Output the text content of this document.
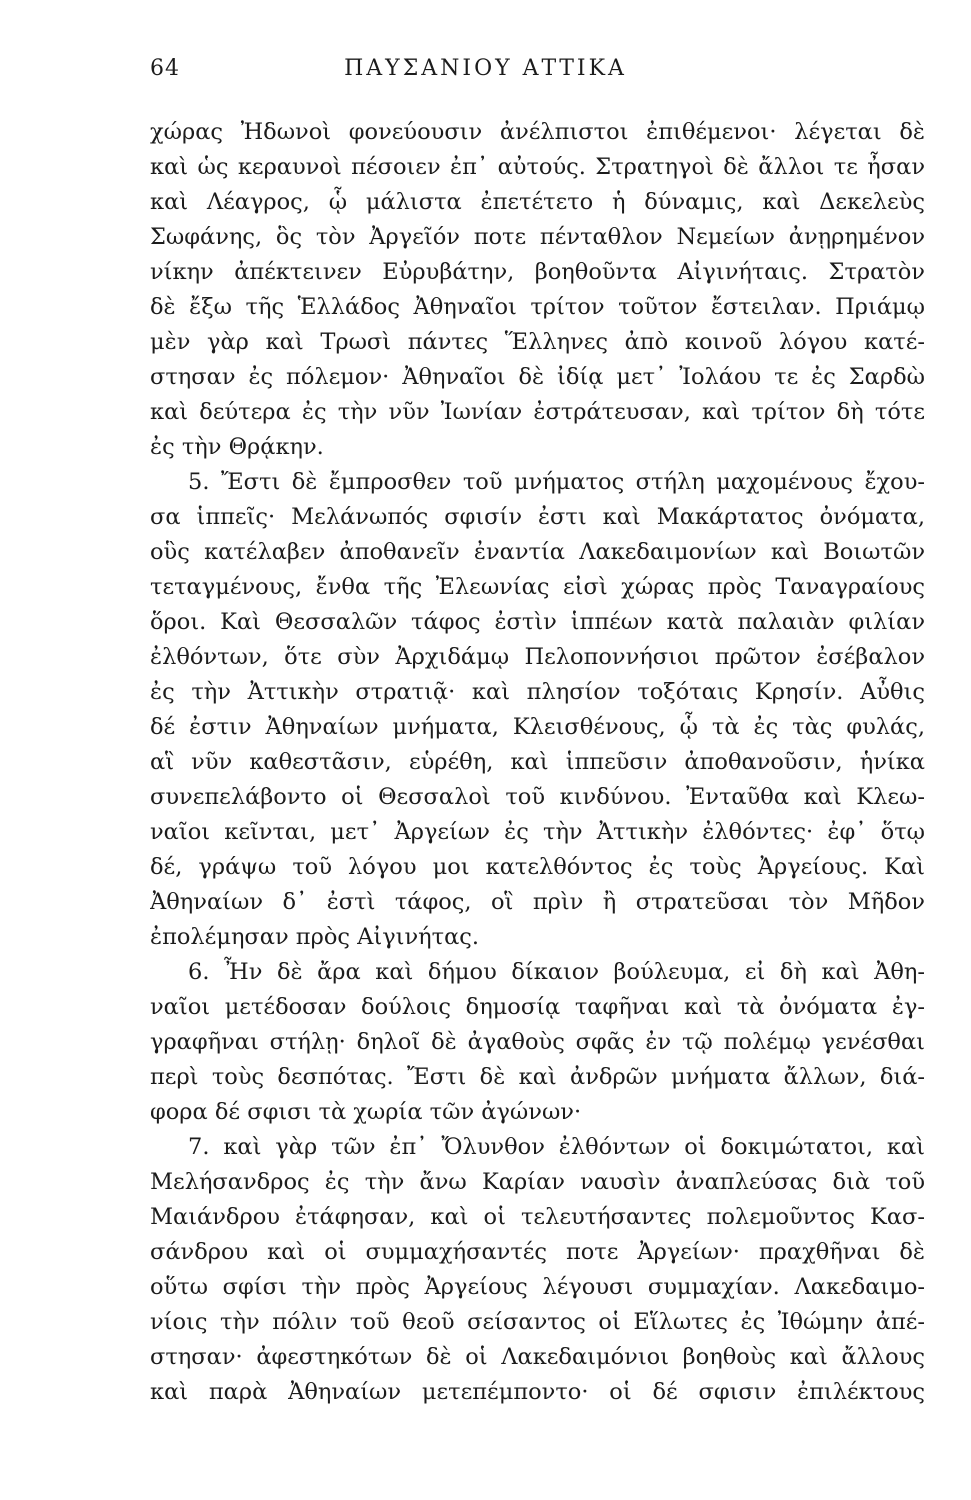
64	ΠΑΥΣΑΝΙΟΥ ΑΤΤΙΚΑ
χώρας Ἠδωνοὶ φονεύουσιν ἀνέλπιστοι ἐπιθέμενοι· λέγεται δὲ
καὶ ὡς κεραυνοὶ πέσοιεν ἐπ᾽ αὐτούς. Στρατηγοὶ δὲ ἄλλοι τε ἦσαν
καὶ Λέαγρος, ᾧ μάλιστα ἐπετέτετο ἡ δύναμις, καὶ Δεκελεὺς
Σωφάνης, ὃς τὸν Ἀργεῖόν ποτε πένταθλον Νεμείων ἀνῃρημένον
νίκην ἀπέκτεινεν Εὐρυβάτην, βοηθοῦντα Αἰγινήταις. Στρατὸν
δὲ ἔξω τῆς Ἑλλάδος Ἀθηναῖοι τρίτον τοῦτον ἔστειλαν. Πριάμῳ
μὲν γὰρ καὶ Τρωσὶ πάντες Ἕλληνες ἀπὸ κοινοῦ λόγου κατέ-
στησαν ἐς πόλεμον· Ἀθηναῖοι δὲ ἰδίᾳ μετ᾽ Ἰολάου τε ἐς Σαρδὼ
καὶ δεύτερα ἐς τὴν νῦν Ἰωνίαν ἐστράτευσαν, καὶ τρίτον δὴ τότε
ἐς τὴν Θρᾴκην.
5. Ἔστι δὲ ἔμπροσθεν τοῦ μνήματος στήλη μαχομένους ἔχου-
σα ἱππεῖς· Μελάνωπός σφισίν ἐστι καὶ Μακάρτατος ὀνόματα,
οὓς κατέλαβεν ἀποθανεῖν ἐναντία Λακεδαιμονίων καὶ Βοιωτῶν
τεταγμένους, ἔνθα τῆς Ἐλεωνίας εἰσὶ χώρας πρὸς Ταναγραίους
ὅροι. Καὶ Θεσσαλῶν τάφος ἐστὶν ἱππέων κατὰ παλαιὰν φιλίαν
ἐλθόντων, ὅτε σὺν Ἀρχιδάμῳ Πελοποννήσιοι πρῶτον ἐσέβαλον
ἐς τὴν Ἀττικὴν στρατιᾷ· καὶ πλησίον τοξόταις Κρησίν. Αὖθις
δέ ἐστιν Ἀθηναίων μνήματα, Κλεισθένους, ᾧ τὰ ἐς τὰς φυλάς,
αἳ νῦν καθεστᾶσιν, εὑρέθη, καὶ ἱππεῦσιν ἀποθανοῦσιν, ἡνίκα
συνεπελάβοντο οἱ Θεσσαλοὶ τοῦ κινδύνου. Ἐνταῦθα καὶ Κλεω-
ναῖοι κεῖνται, μετ᾽ Ἀργείων ἐς τὴν Ἀττικὴν ἐλθόντες· ἐφ᾽ ὅτῳ
δέ, γράψω τοῦ λόγου μοι κατελθόντος ἐς τοὺς Ἀργείους. Καὶ
Ἀθηναίων δ᾽ ἐστὶ τάφος, οἳ πρὶν ἢ στρατεῦσαι τὸν Μῆδον
ἐπολέμησαν πρὸς Αἰγινήτας.
6. Ἦν δὲ ἄρα καὶ δήμου δίκαιον βούλευμα, εἰ δὴ καὶ Ἀθη-
ναῖοι μετέδοσαν δούλοις δημοσίᾳ ταφῆναι καὶ τὰ ὀνόματα ἐγ-
γραφῆναι στήλῃ· δηλοῖ δὲ ἀγαθοὺς σφᾶς ἐν τῷ πολέμῳ γενέσθαι
περὶ τοὺς δεσπότας. Ἔστι δὲ καὶ ἀνδρῶν μνήματα ἄλλων, διά-
φορα δέ σφισι τὰ χωρία τῶν ἀγώνων·
7. καὶ γὰρ τῶν ἐπ᾽ Ὄλυνθον ἐλθόντων οἱ δοκιμώτατοι, καὶ
Μελήσανδρος ἐς τὴν ἄνω Καρίαν ναυσὶν ἀναπλεύσας διὰ τοῦ
Μαιάνδρου ἐτάφησαν, καὶ οἱ τελευτήσαντες πολεμοῦντος Κασ-
σάνδρου καὶ οἱ συμμαχήσαντές ποτε Ἀργείων· πραχθῆναι δὲ
οὕτω σφίσι τὴν πρὸς Ἀργείους λέγουσι συμμαχίαν. Λακεδαιμο-
νίοις τὴν πόλιν τοῦ θεοῦ σείσαντος οἱ Εἵλωτες ἐς Ἰθώμην ἀπέ-
στησαν· ἀφεστηκότων δὲ οἱ Λακεδαιμόνιοι βοηθοὺς καὶ ἄλλους
καὶ παρὰ Ἀθηναίων μετεπέμποντο· οἱ δέ σφισιν ἐπιλέκτους
